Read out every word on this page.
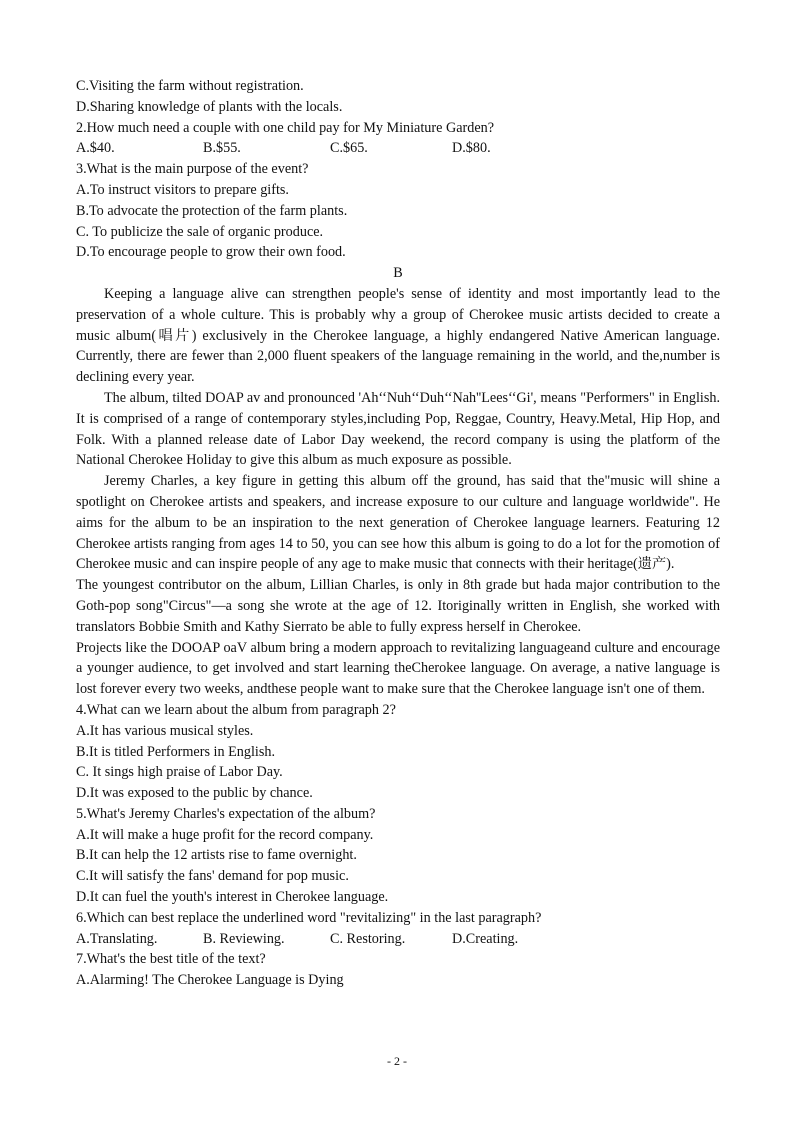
C.Visiting the farm without registration.
D.Sharing knowledge of plants with the locals.
2.How much need a couple with one child pay for My Miniature Garden?
A.$40.	B.$55.	C.$65.	D.$80.
3.What is the main purpose of the event?
A.To instruct visitors to prepare gifts.
B.To advocate the protection of the farm plants.
C. To publicize the sale of organic produce.
D.To encourage people to grow their own food.
B
Keeping a language alive can strengthen people's sense of identity and most importantly lead to the preservation of a whole culture. This is probably why a group of Cherokee music artists decided to create a music album(唱片) exclusively in the Cherokee language, a highly endangered Native American language. Currently, there are fewer than 2,000 fluent speakers of the language remaining in the world, and the,number is declining every year.
The album, tilted DOAP av and pronounced 'Ah‘‘Nuh‘‘Duh‘‘Nah''Lees‘‘Gi', means "Performers" in English. It is comprised of a range of contemporary styles,including Pop, Reggae, Country, Heavy.Metal, Hip Hop, and Folk. With a planned release date of Labor Day weekend, the record company is using the platform of the National Cherokee Holiday to give this album as much exposure as possible.
Jeremy Charles, a key figure in getting this album off the ground, has said that the"music will shine a spotlight on Cherokee artists and speakers, and increase exposure to our culture and language worldwide". He aims for the album to be an inspiration to the next generation of Cherokee language learners. Featuring 12 Cherokee artists ranging from ages 14 to 50, you can see how this album is going to do a lot for the promotion of Cherokee music and can inspire people of any age to make music that connects with their heritage(遗产).
The youngest contributor on the album, Lillian Charles, is only in 8th grade but hada major contribution to the Goth-pop song"Circus"—a song she wrote at the age of 12. Itoriginally written in English, she worked with translators Bobbie Smith and Kathy Sierrato be able to fully express herself in Cherokee.
Projects like the DOOAP oaV album bring a modern approach to revitalizing languageand culture and encourage a younger audience, to get involved and start learning theCherokee language. On average, a native language is lost forever every two weeks, andthese people want to make sure that the Cherokee language isn't one of them.
4.What can we learn about the album from paragraph 2?
A.It has various musical styles.
B.It is titled Performers in English.
C. It sings high praise of Labor Day.
D.It was exposed to the public by chance.
5.What's Jeremy Charles's expectation of the album?
A.It will make a huge profit for the record company.
B.It can help the 12 artists rise to fame overnight.
C.It will satisfy the fans' demand for pop music.
D.It can fuel the youth's interest in Cherokee language.
6.Which can best replace the underlined word "revitalizing" in the last paragraph?
A.Translating.	B. Reviewing.	C. Restoring.	D.Creating.
7.What's the best title of the text?
A.Alarming! The Cherokee Language is Dying
- 2 -
